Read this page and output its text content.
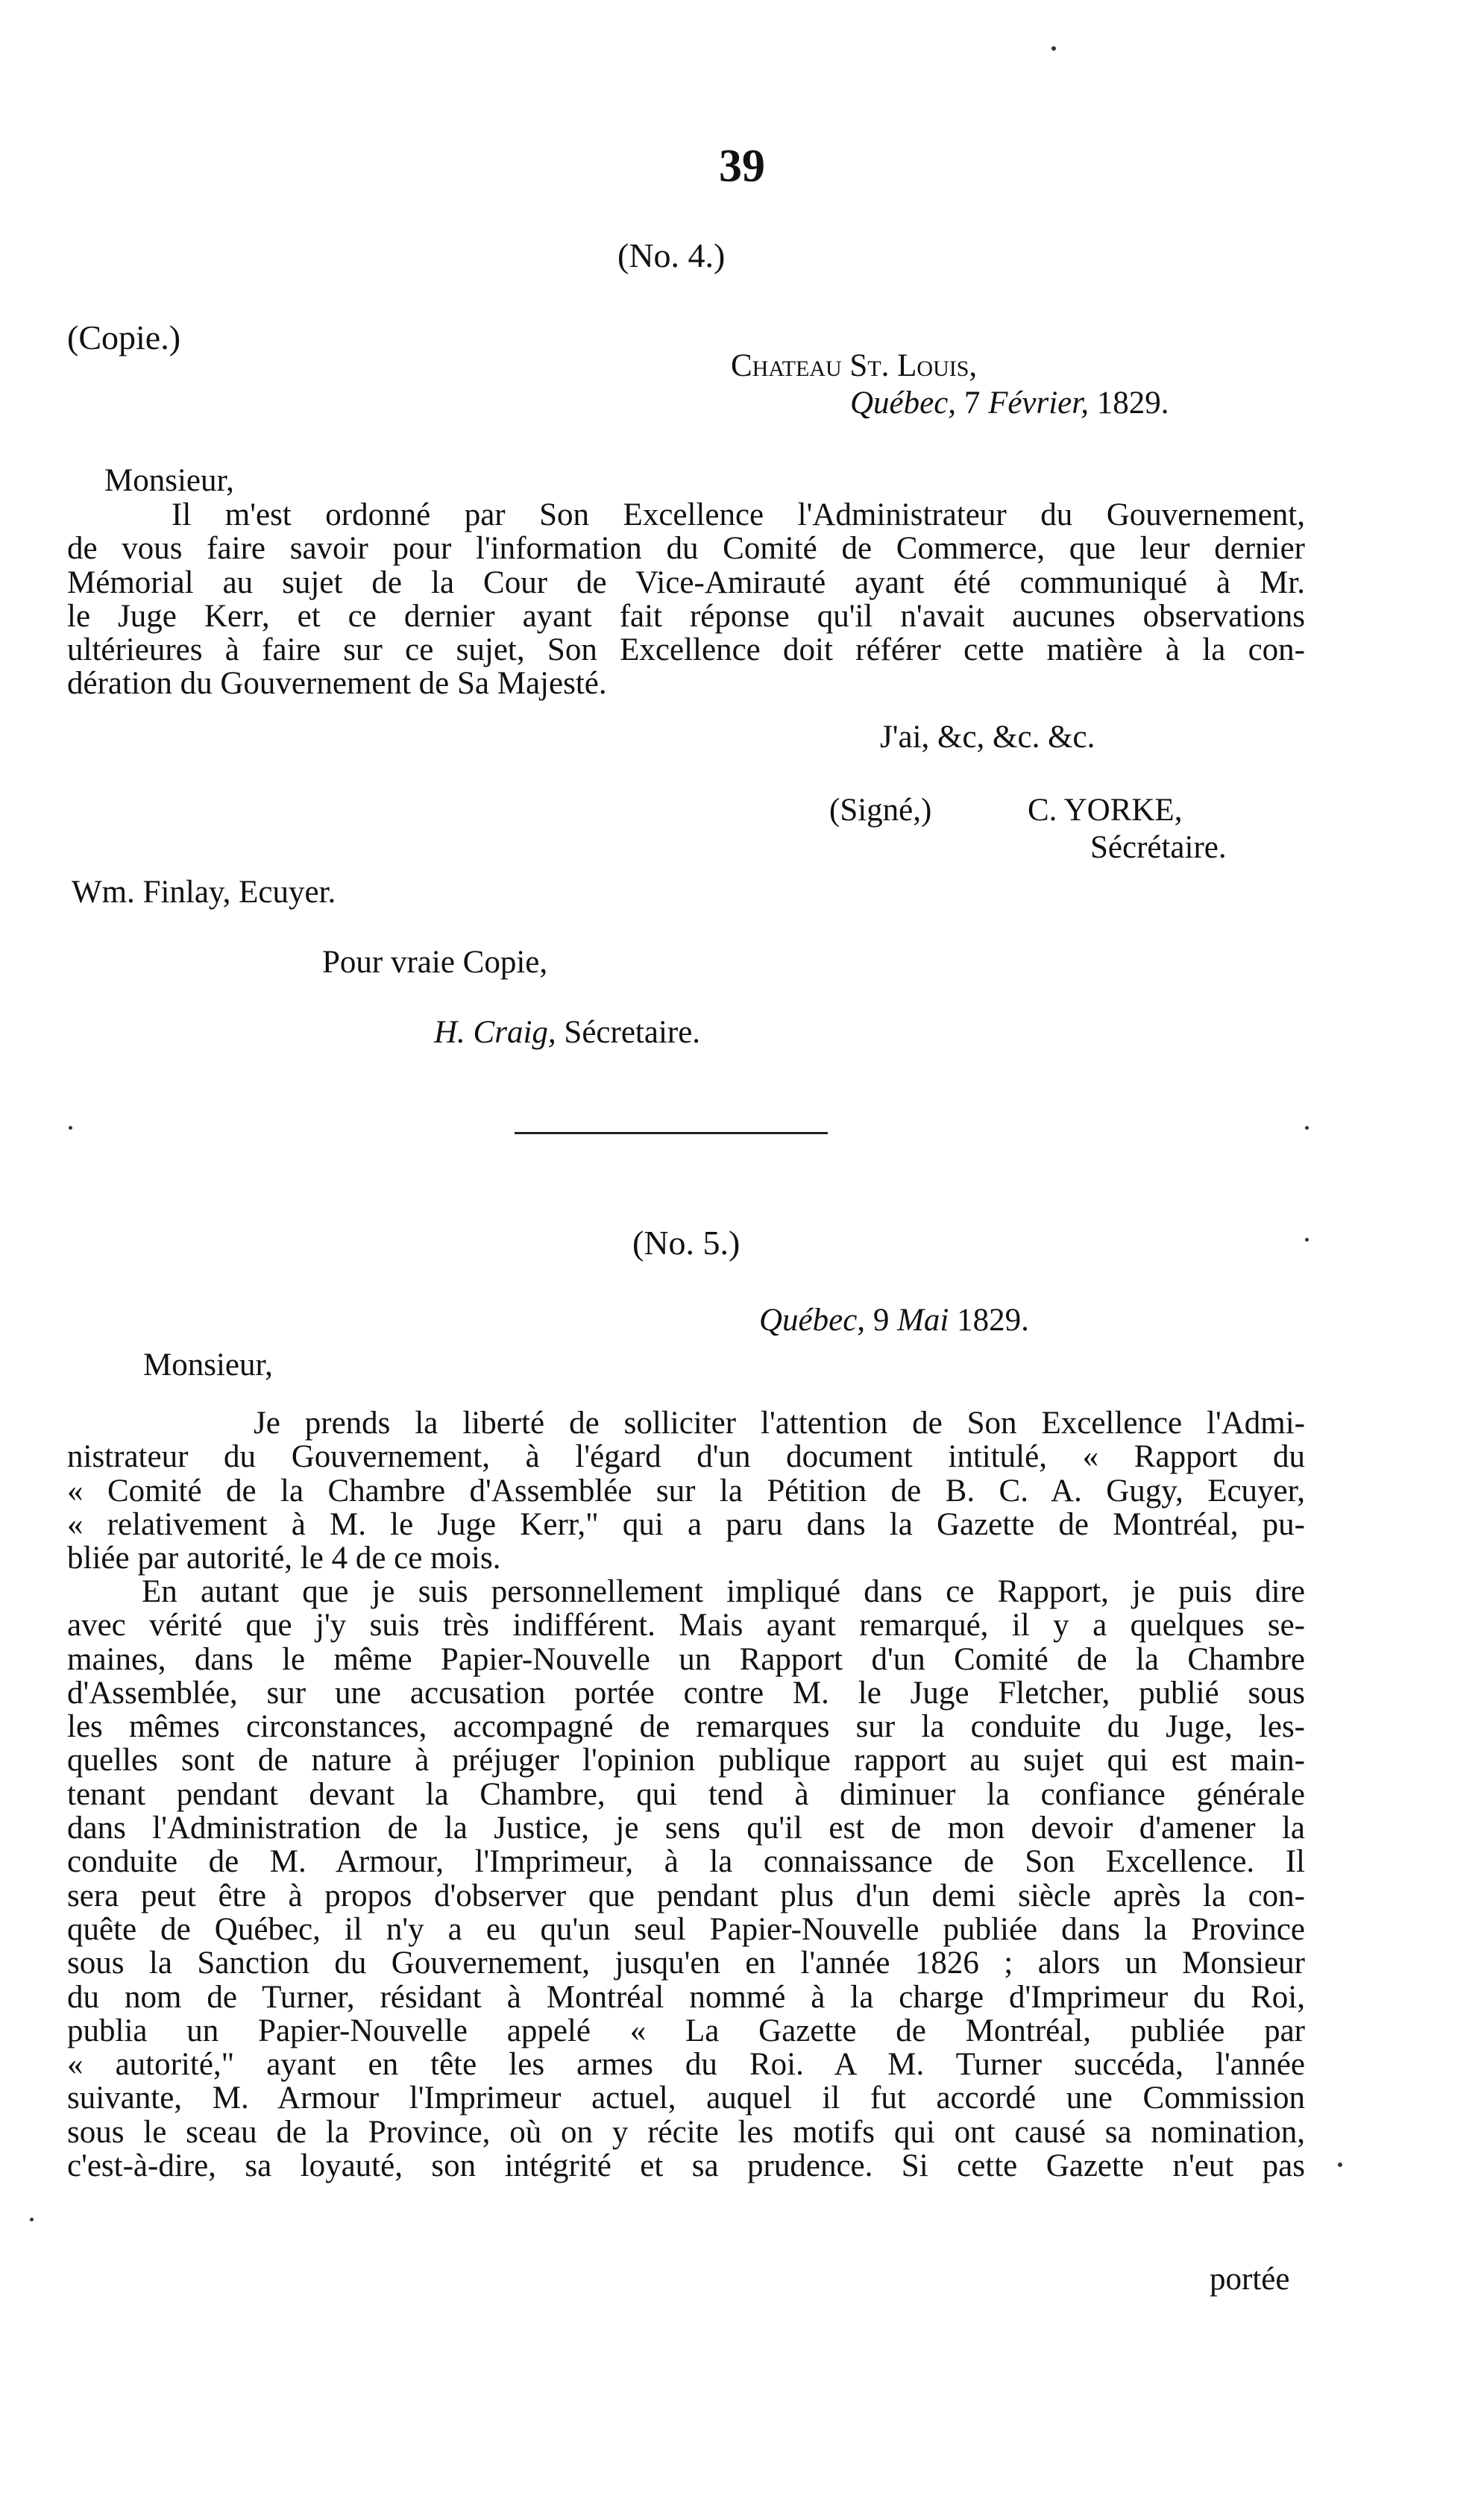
39
(No. 4.)
(Copie.)
Chateau St. Louis,
Québec, 7 Février, 1829.
Monsieur,
Il m'est ordonné par Son Excellence l'Administrateur du Gouvernement,
de vous faire savoir pour l'information du Comité de Commerce, que leur dernier
Mémorial au sujet de la Cour de Vice-Amirauté ayant été communiqué à Mr.
le Juge Kerr, et ce dernier ayant fait réponse qu'il n'avait aucunes observations
ultérieures à faire sur ce sujet, Son Excellence doit référer cette matière à la con-
dération du Gouvernement de Sa Majesté.
J'ai, &c, &c. &c.
(Signé,)	C. YORKE,
Sécrétaire.
Wm. Finlay, Ecuyer.
Pour vraie Copie,
H. Craig, Sécretaire.
(No. 5.)
Québec, 9 Mai 1829.
Monsieur,
Je prends la liberté de solliciter l'attention de Son Excellence l'Admi-
nistrateur du Gouvernement, à l'égard d'un document intitulé, « Rapport du
« Comité de la Chambre d'Assemblée sur la Pétition de B. C. A. Gugy, Ecuyer,
« relativement à M. le Juge Kerr," qui a paru dans la Gazette de Montréal, pu-
bliée par autorité, le 4 de ce mois.
En autant que je suis personnellement impliqué dans ce Rapport, je puis dire
avec vérité que j'y suis très indifférent. Mais ayant remarqué, il y a quelques se-
maines, dans le même Papier-Nouvelle un Rapport d'un Comité de la Chambre
d'Assemblée, sur une accusation portée contre M. le Juge Fletcher, publié sous
les mêmes circonstances, accompagné de remarques sur la conduite du Juge, les-
quelles sont de nature à préjuger l'opinion publique rapport au sujet qui est main-
tenant pendant devant la Chambre, qui tend à diminuer la confiance générale
dans l'Administration de la Justice, je sens qu'il est de mon devoir d'amener la
conduite de M. Armour, l'Imprimeur, à la connaissance de Son Excellence. Il
sera peut être à propos d'observer que pendant plus d'un demi siècle après la con-
quête de Québec, il n'y a eu qu'un seul Papier-Nouvelle publiée dans la Province
sous la Sanction du Gouvernement, jusqu'en en l'année 1826 ; alors un Monsieur
du nom de Turner, résidant à Montréal nommé à la charge d'Imprimeur du Roi,
publia un Papier-Nouvelle appelé « La Gazette de Montréal, publiée par
« autorité," ayant en tête les armes du Roi. A M. Turner succéda, l'année
suivante, M. Armour l'Imprimeur actuel, auquel il fut accordé une Commission
sous le sceau de la Province, où on y récite les motifs qui ont causé sa nomination,
c'est-à-dire, sa loyauté, son intégrité et sa prudence. Si cette Gazette n'eut pas
portée
